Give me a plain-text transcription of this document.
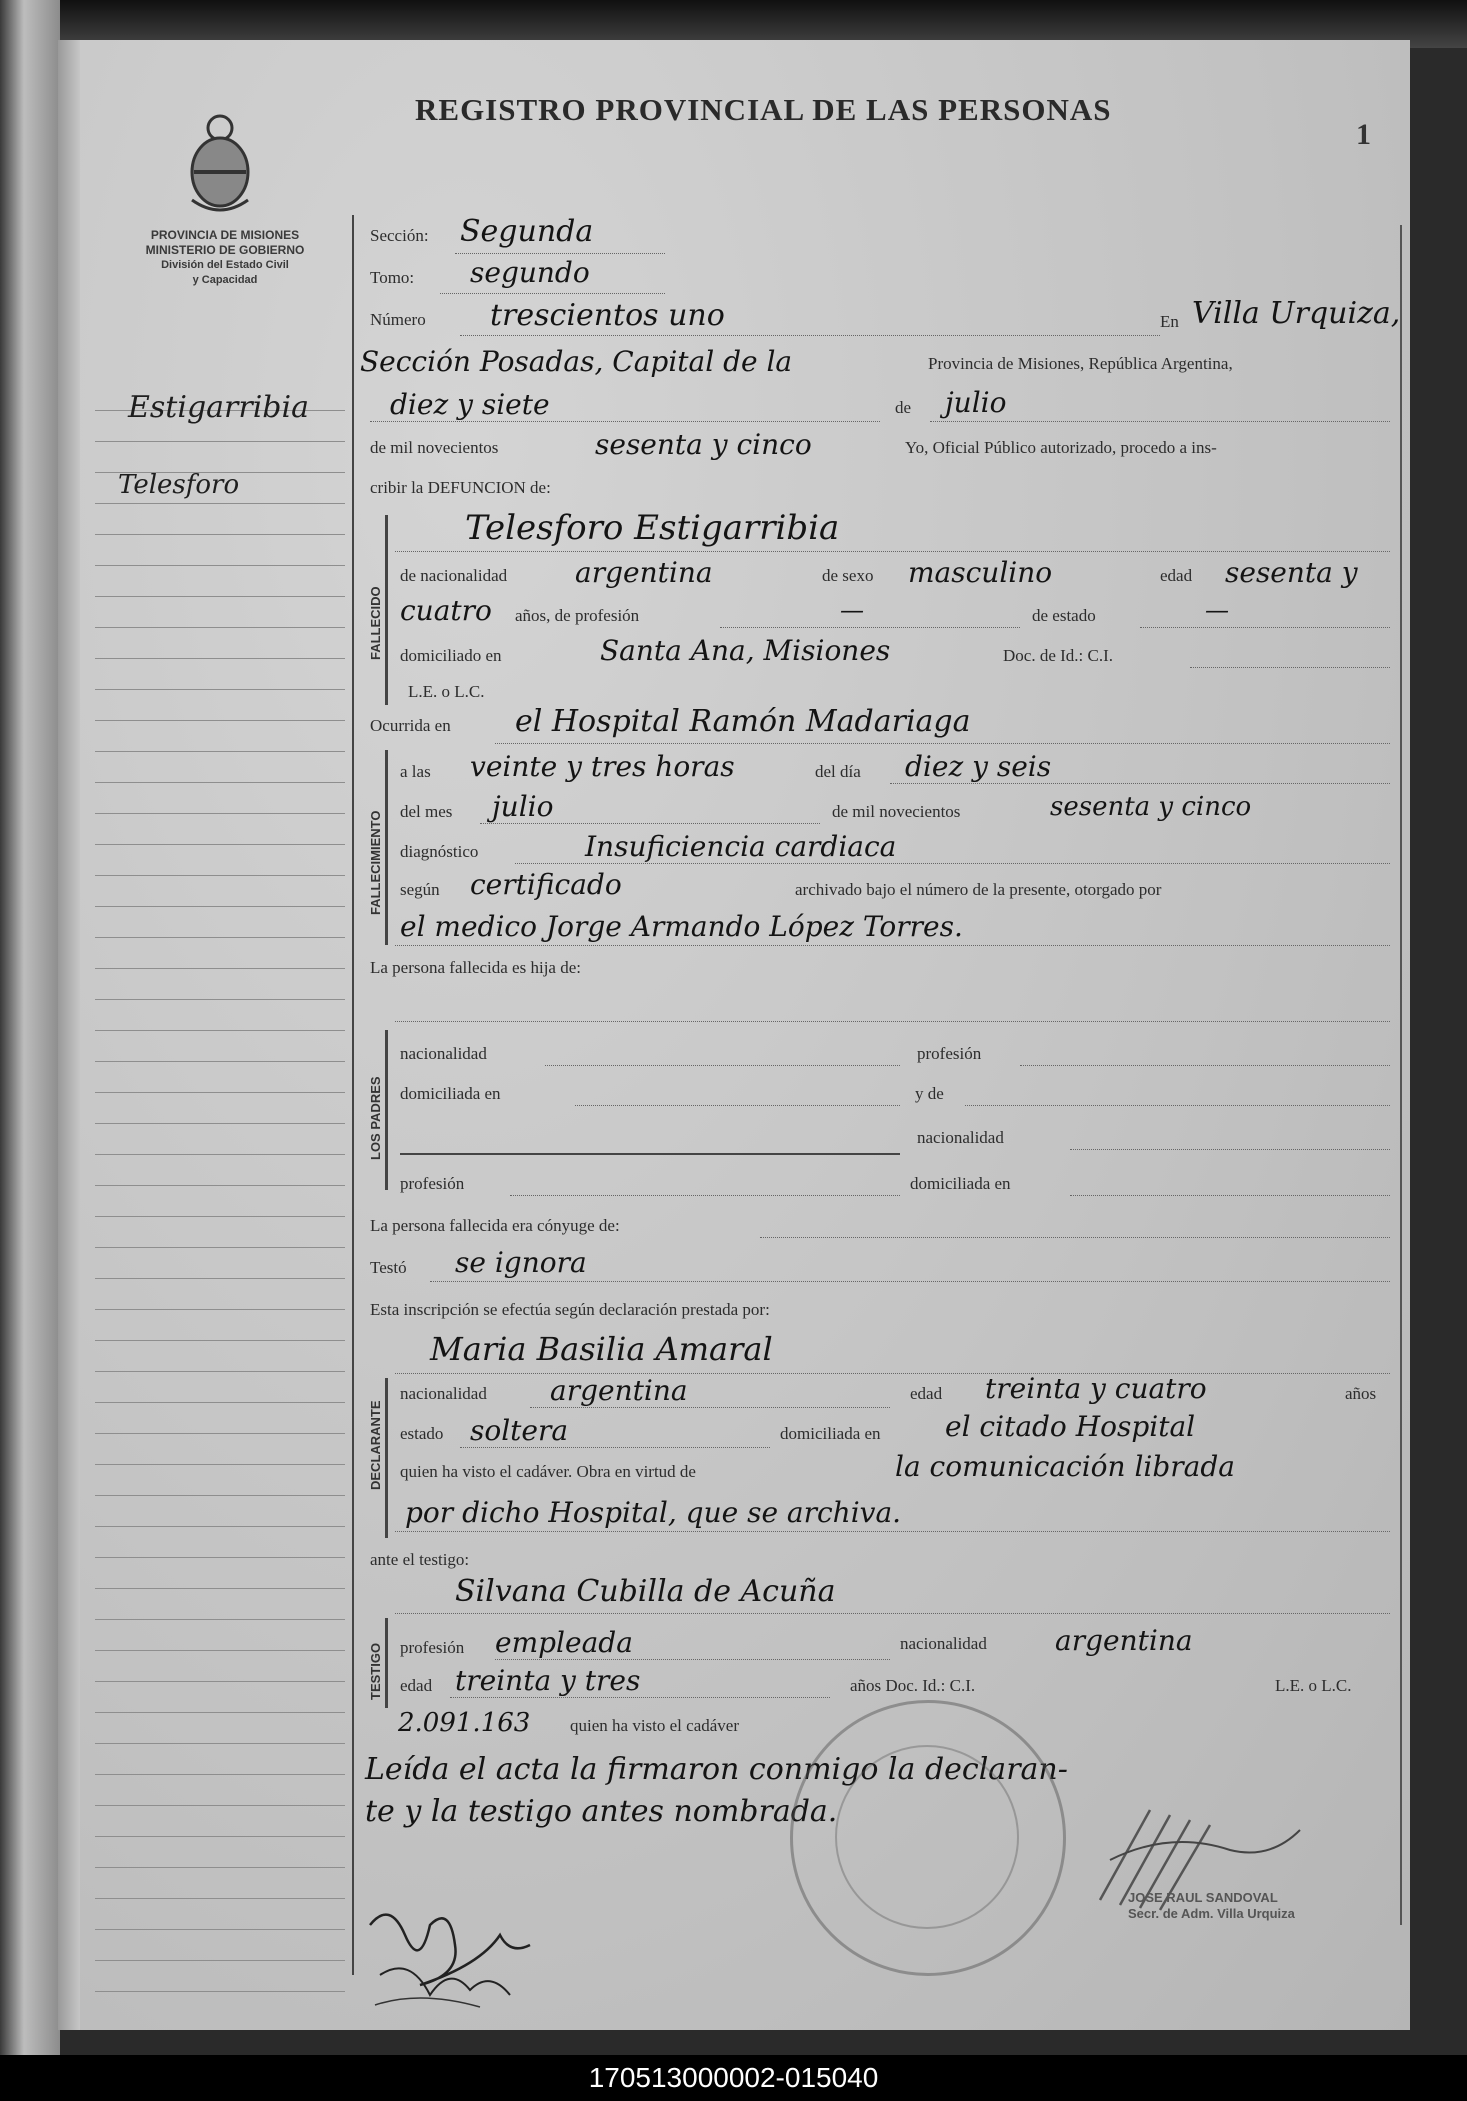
PROVINCIA DE MISIONES
MINISTERIO DE GOBIERNO
División del Estado Civil
y Capacidad
REGISTRO PROVINCIAL DE LAS PERSONAS
1
Estigarribia
Telesforo
Sección: Segunda
Tomo: segundo
Número trescientos uno	En Villa Urquiza,
Sección Posadas, Capital de la	Provincia de Misiones, República Argentina,
diez y siete	de julio
de mil novecientos	sesenta y cinco	Yo, Oficial Público autorizado, procedo a ins-
cribir la DEFUNCION de:
FALLECIDO
Telesforo Estigarribia
de nacionalidad argentina	de sexo masculino	edad sesenta y
cuatro años, de profesión	—	de estado	—
domiciliado en	Santa Ana, Misiones	Doc. de Id.: C.I.
L.E. o L.C.
Ocurrida en el Hospital Ramón Madariaga
FALLECIMIENTO
a las veinte y tres horas	del día diez y seis
del mes julio	de mil novecientos	sesenta y cinco
diagnóstico	Insuficiencia cardiaca
según certificado	archivado bajo el número de la presente, otorgado por
el medico Jorge Armando López Torres.
La persona fallecida es hija de:
LOS PADRES
nacionalidad	profesión
domiciliada en	y de
nacionalidad
profesión	domiciliada en
La persona fallecida era cónyuge de:
Testó se ignora
Esta inscripción se efectúa según declaración prestada por:
Maria Basilia Amaral
DECLARANTE
nacionalidad argentina	edad treinta y cuatro	años
estado soltera	domiciliada en el citado Hospital
quien ha visto el cadáver. Obra en virtud de	la comunicación librada
por dicho Hospital, que se archiva.
ante el testigo:
Silvana Cubilla de Acuña
TESTIGO profesión empleada	nacionalidad argentina
edad treinta y tres	años Doc. Id.: C.I.	L.E. o L.C.
2.091.163 quien ha visto el cadáver
Leída el acta la firmaron conmigo la declaran-
te y la testigo antes nombrada.
JOSE RAUL SANDOVAL
Secr. de Adm. Villa Urquiza
170513000002-015040
